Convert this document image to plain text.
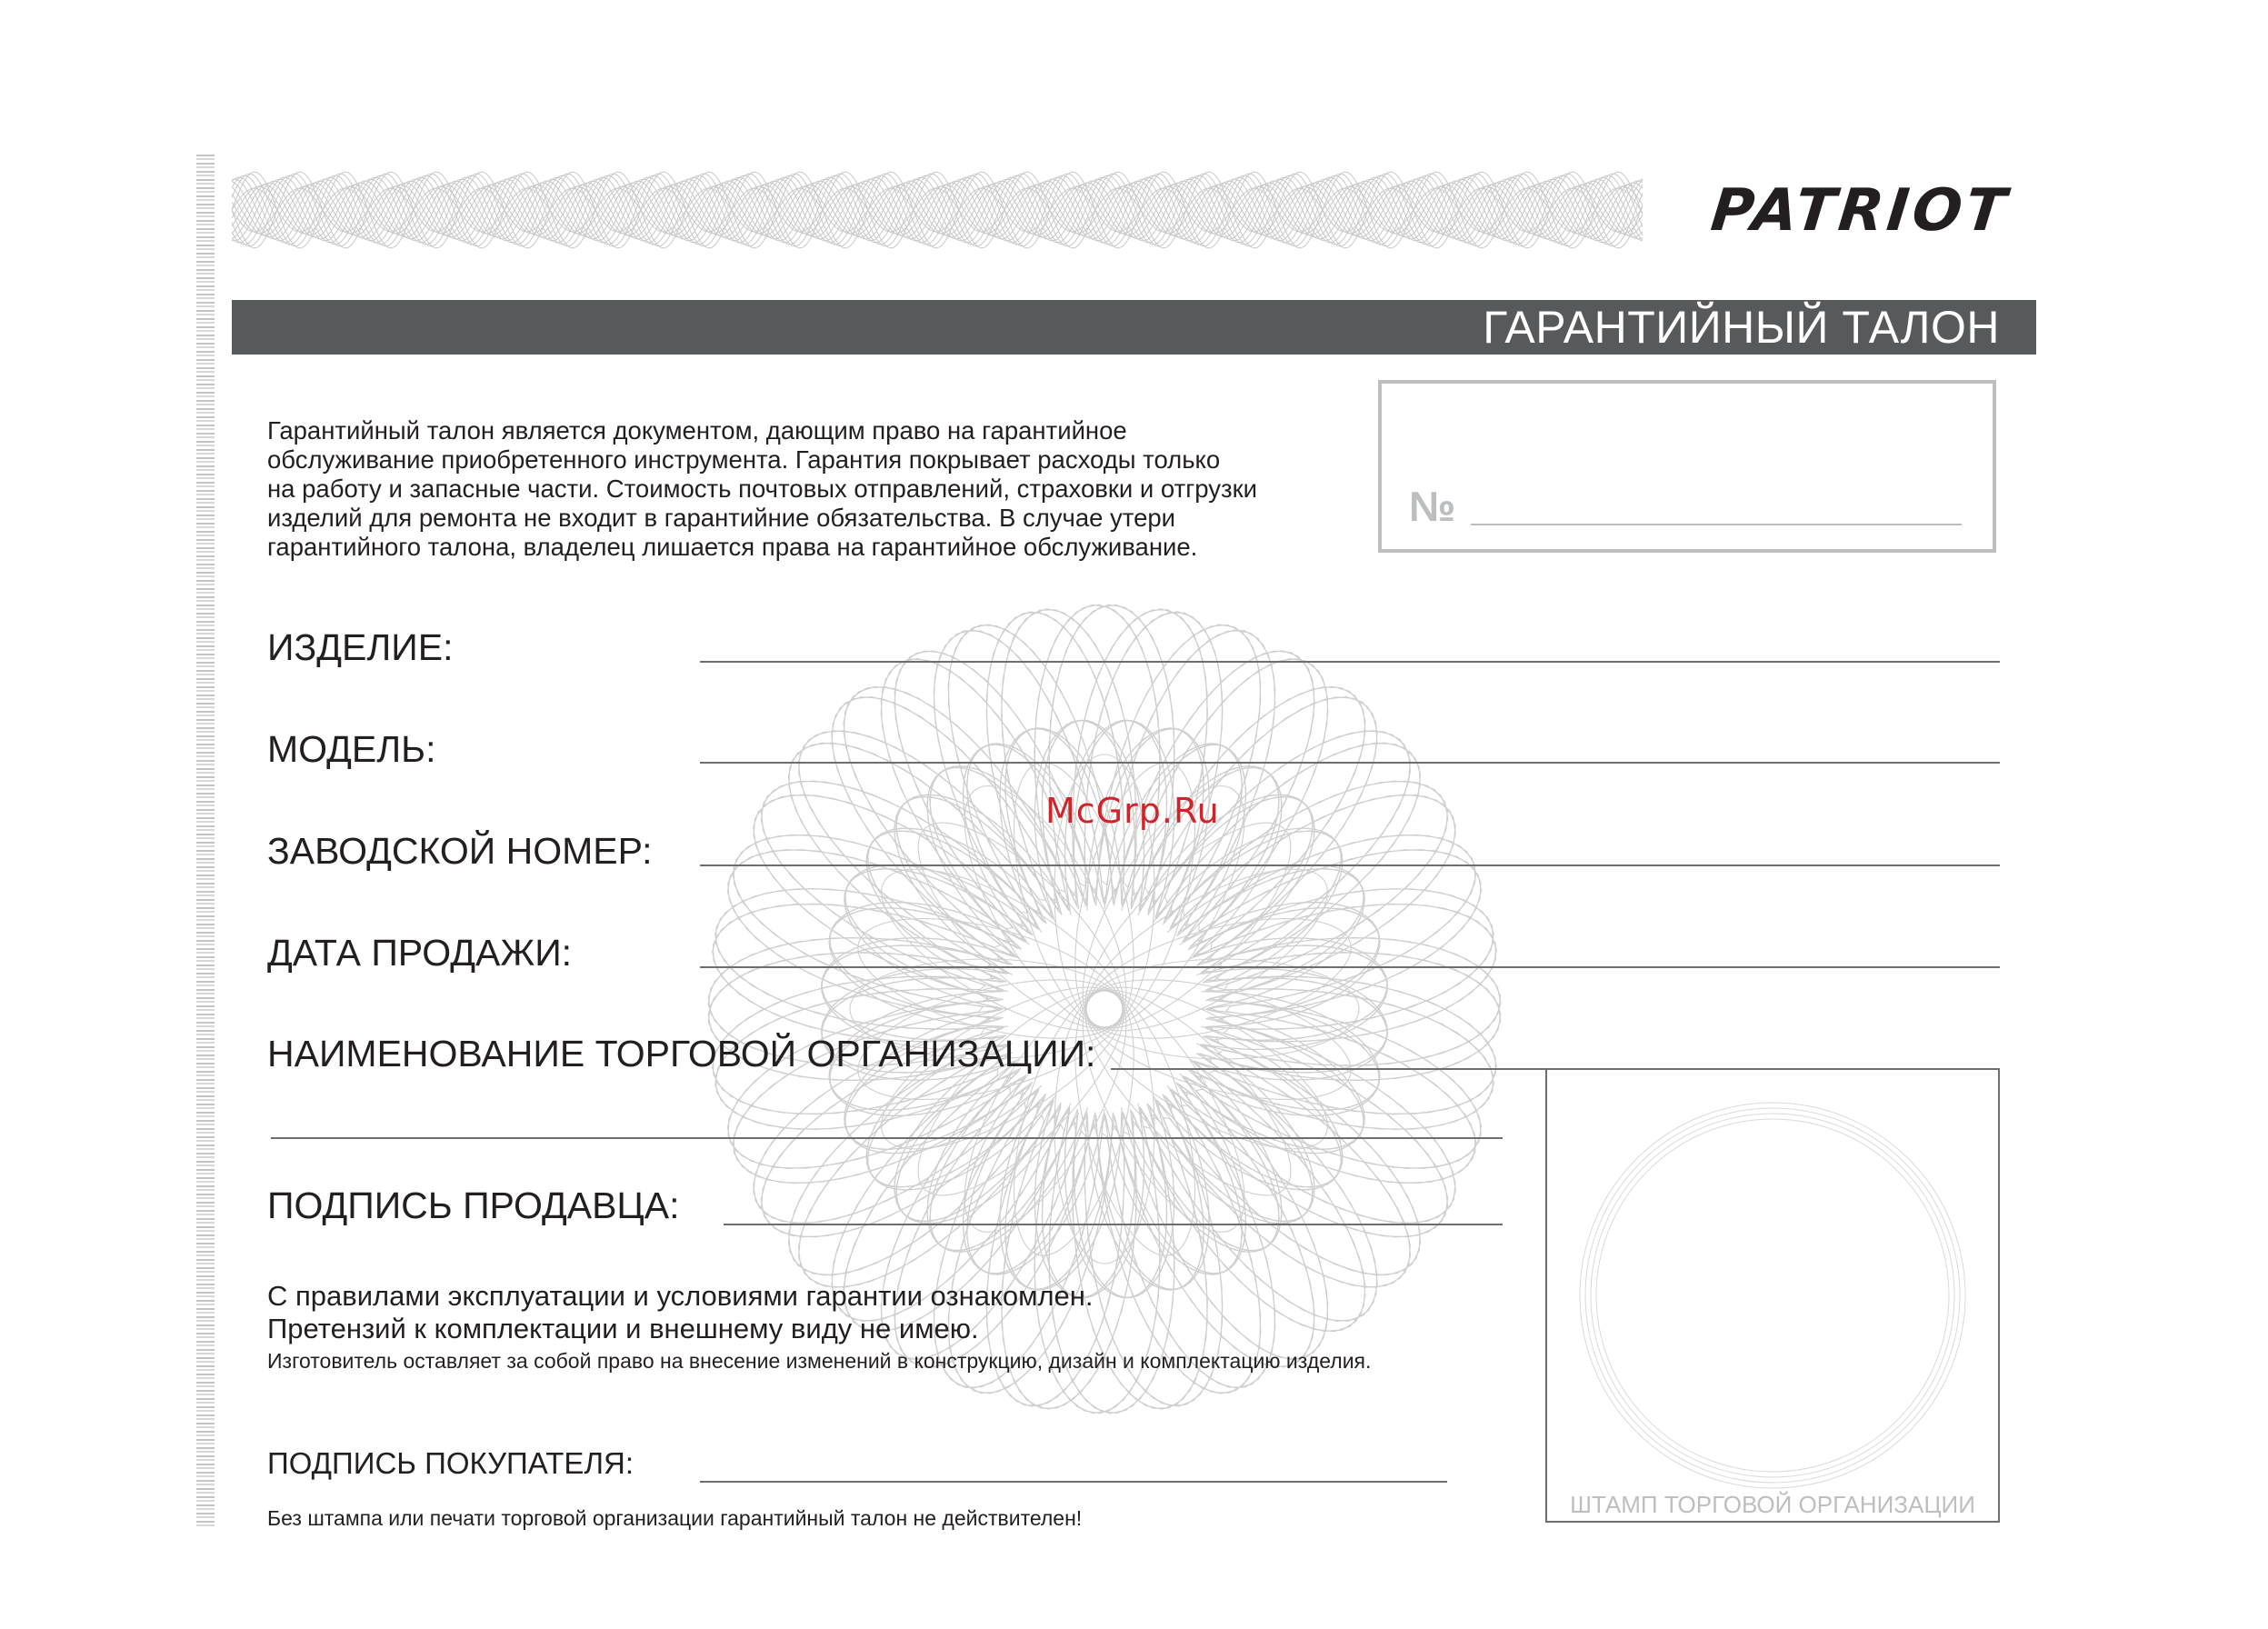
PATRIOT
ГАРАНТИЙНЫЙ ТАЛОН
№
Гарантийный талон является документом, дающим право на гарантийное
обслуживание приобретенного инструмента. Гарантия покрывает расходы только
на работу и запасные части. Стоимость почтовых отправлений, страховки и отгрузки
изделий для ремонта не входит в гарантийние обязательства. В случае утери
гарантийного талона, владелец лишается права на гарантийное обслуживание.
ИЗДЕЛИЕ:
МОДЕЛЬ:
ЗАВОДСКОЙ НОМЕР:
ДАТА ПРОДАЖИ:
НАИМЕНОВАНИЕ ТОРГОВОЙ ОРГАНИЗАЦИИ:
ПОДПИСЬ ПРОДАВЦА:
С правилами эксплуатации и условиями гарантии ознакомлен.
Претензий к комплектации и внешнему виду не имею.
Изготовитель оставляет за собой право на внесение изменений в конструкцию, дизайн и комплектацию изделия.
ПОДПИСЬ ПОКУПАТЕЛЯ:
Без штампа или печати торговой организации гарантийный талон не действителен!	ШТАМП ТОРГОВОЙ ОРГАНИЗАЦИИ
McGrp.Ru
